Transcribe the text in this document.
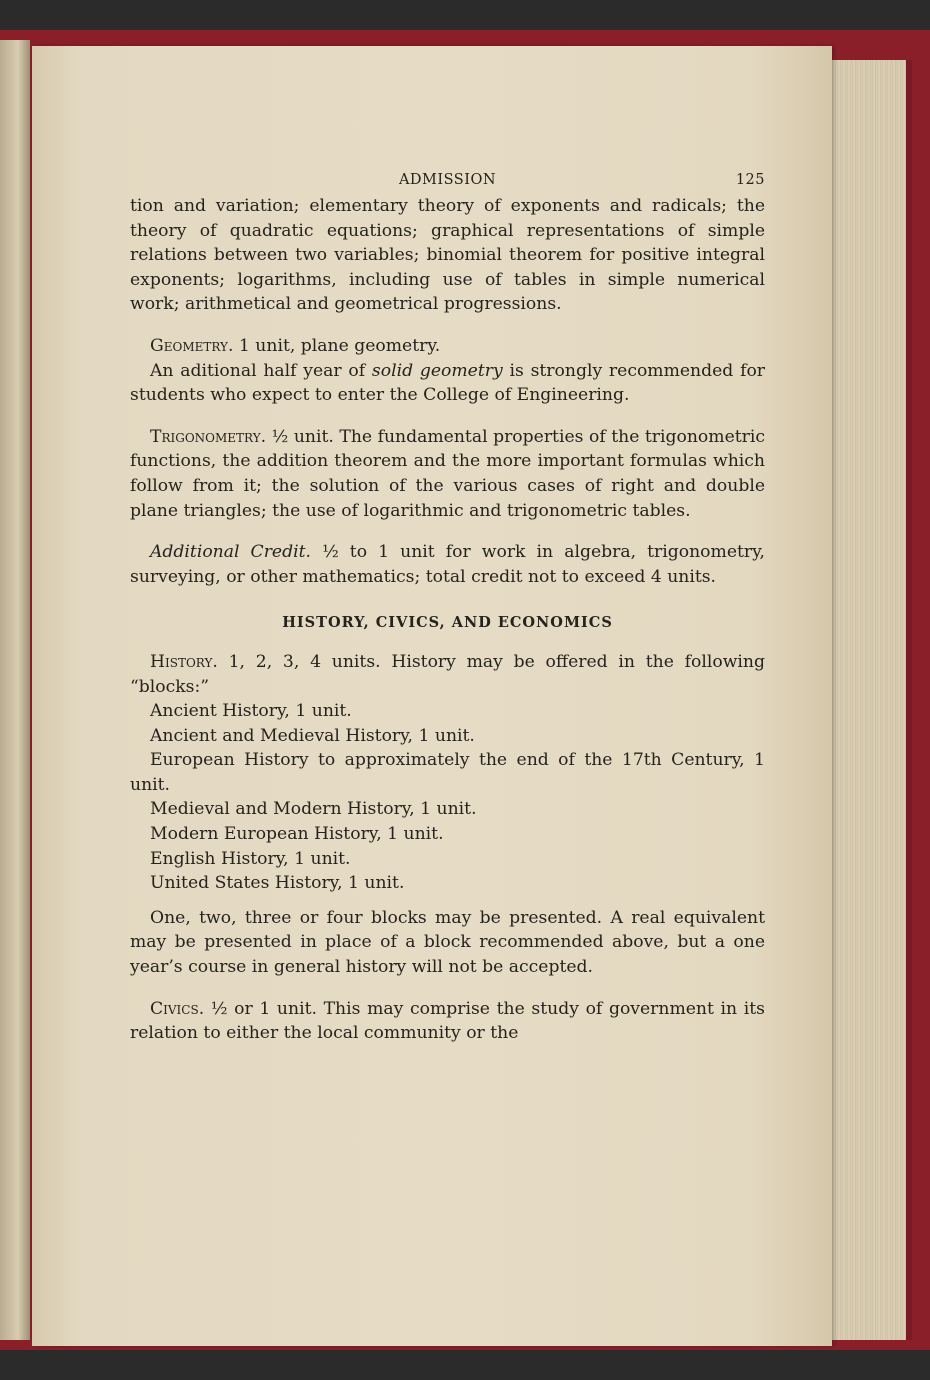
ADMISSION	125

tion and variation; elementary theory of exponents and radicals; the theory of quadratic equations; graphical representations of simple relations between two variables; binomial theorem for positive integral exponents; logarithms, including use of tables in simple numerical work; arithmetical and geometrical progressions.

Geometry. 1 unit, plane geometry.

An aditional half year of solid geometry is strongly recommended for students who expect to enter the College of Engineering.

Trigonometry. ½ unit. The fundamental properties of the trigonometric functions, the addition theorem and the more important formulas which follow from it; the solution of the various cases of right and double plane triangles; the use of logarithmic and trigonometric tables.

Additional Credit. ½ to 1 unit for work in algebra, trigonometry, surveying, or other mathematics; total credit not to exceed 4 units.

HISTORY, CIVICS, AND ECONOMICS

History. 1, 2, 3, 4 units. History may be offered in the following “blocks:”

Ancient History, 1 unit.

Ancient and Medieval History, 1 unit.

European History to approximately the end of the 17th Century, 1 unit.

Medieval and Modern History, 1 unit.

Modern European History, 1 unit.

English History, 1 unit.

United States History, 1 unit.

One, two, three or four blocks may be presented. A real equivalent may be presented in place of a block recommended above, but a one year’s course in general history will not be accepted.

Civics. ½ or 1 unit. This may comprise the study of government in its relation to either the local community or the
